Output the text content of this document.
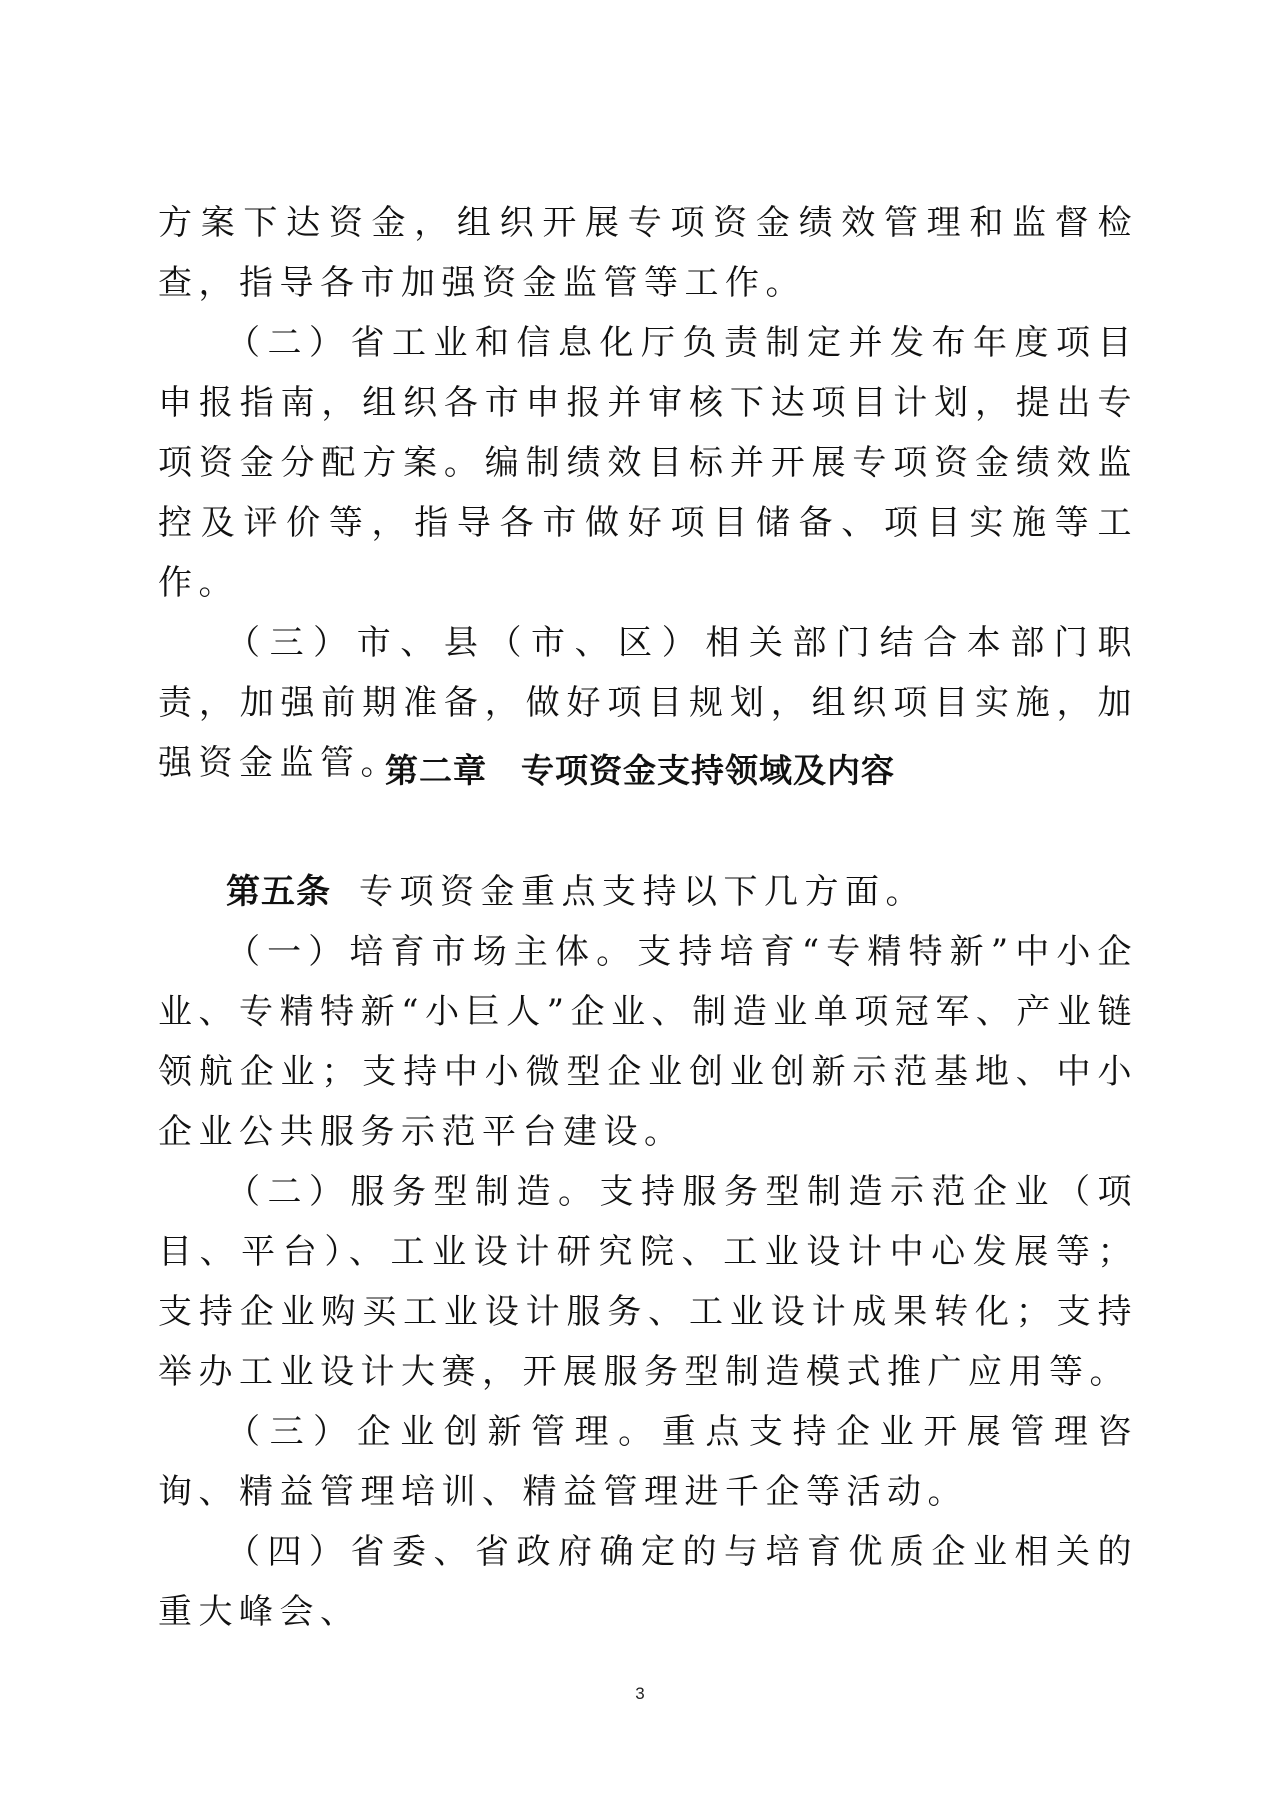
方案下达资金，组织开展专项资金绩效管理和监督检查，指导各市加强资金监管等工作。

（二）省工业和信息化厅负责制定并发布年度项目申报指南，组织各市申报并审核下达项目计划，提出专项资金分配方案。编制绩效目标并开展专项资金绩效监控及评价等，指导各市做好项目储备、项目实施等工作。

（三）市、县（市、区）相关部门结合本部门职责，加强前期准备，做好项目规划，组织项目实施，加强资金监管。

第二章 专项资金支持领域及内容

第五条 专项资金重点支持以下几方面。

（一）培育市场主体。支持培育“专精特新”中小企业、专精特新“小巨人”企业、制造业单项冠军、产业链领航企业；支持中小微型企业创业创新示范基地、中小企业公共服务示范平台建设。

（二）服务型制造。支持服务型制造示范企业（项目、平台）、工业设计研究院、工业设计中心发展等；支持企业购买工业设计服务、工业设计成果转化；支持举办工业设计大赛，开展服务型制造模式推广应用等。

（三）企业创新管理。重点支持企业开展管理咨询、精益管理培训、精益管理进千企等活动。

（四）省委、省政府确定的与培育优质企业相关的重大峰会、

3
